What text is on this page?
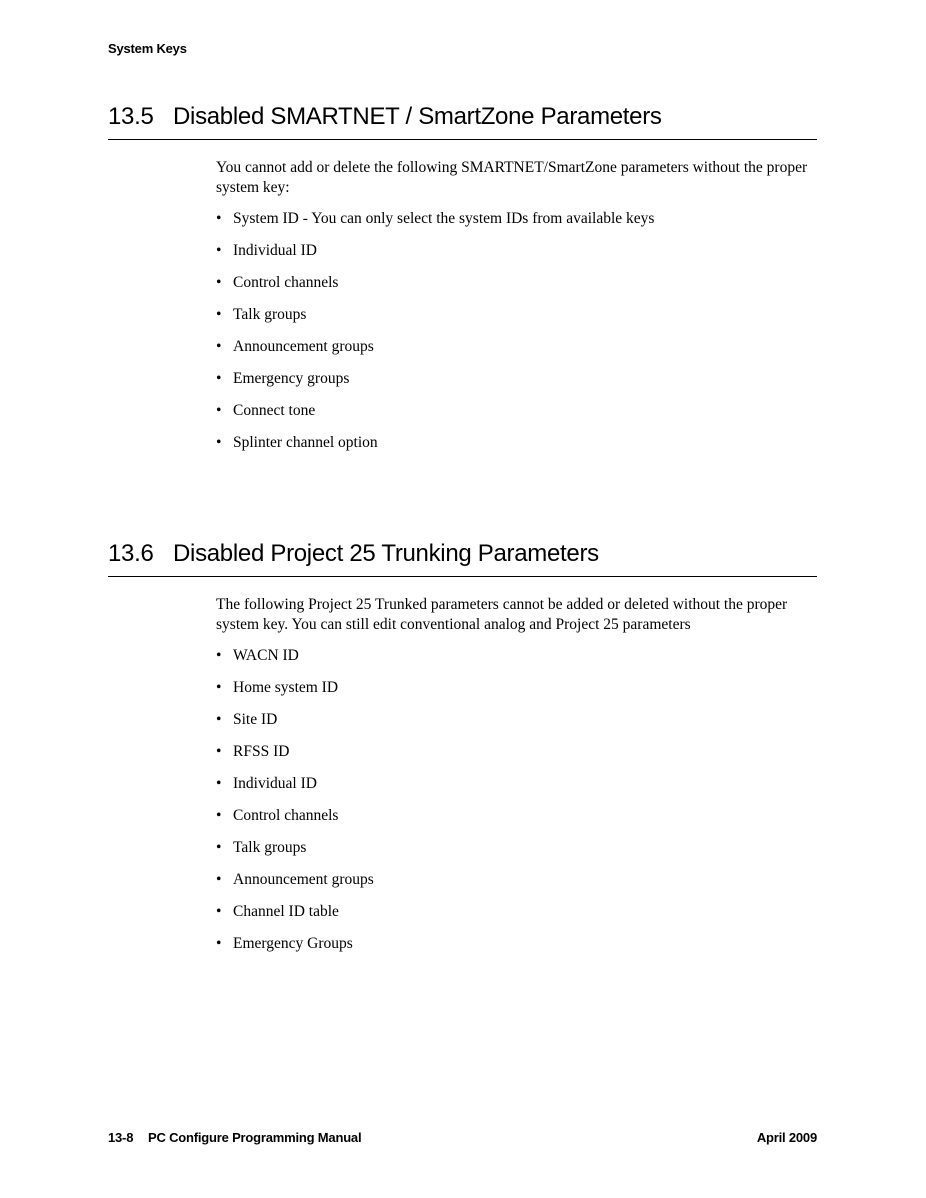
System Keys
13.5 Disabled SMARTNET / SmartZone Parameters

You cannot add or delete the following SMARTNET/SmartZone parameters without the proper system key:

• System ID - You can only select the system IDs from available keys
• Individual ID
• Control channels
• Talk groups
• Announcement groups
• Emergency groups
• Connect tone
• Splinter channel option
13.6 Disabled Project 25 Trunking Parameters

The following Project 25 Trunked parameters cannot be added or deleted without the proper system key. You can still edit conventional analog and Project 25 parameters

• WACN ID
• Home system ID
• Site ID
• RFSS ID
• Individual ID
• Control channels
• Talk groups
• Announcement groups
• Channel ID table
• Emergency Groups
13-8 PC Configure Programming Manual	April 2009
